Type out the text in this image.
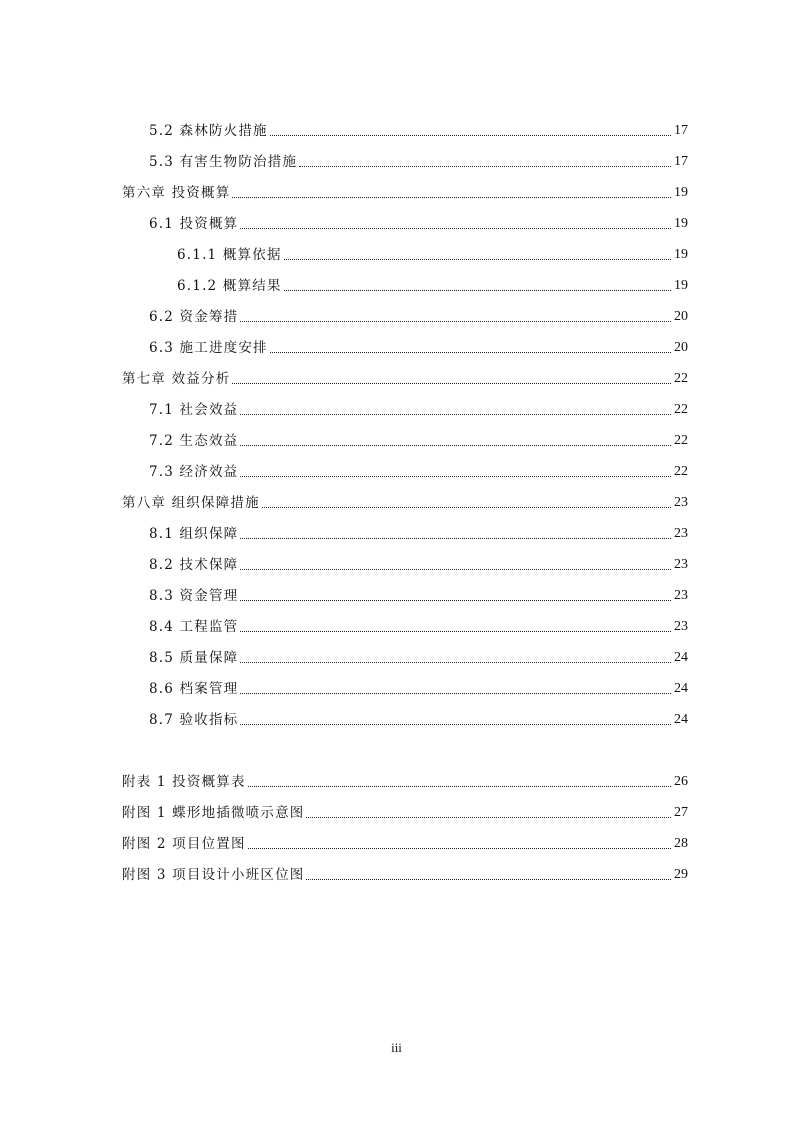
5.2 森林防火措施	17
5.3 有害生物防治措施	17
第六章 投资概算	19
6.1 投资概算	19
6.1.1 概算依据	19
6.1.2 概算结果	19
6.2 资金筹措	20
6.3 施工进度安排	20
第七章 效益分析	22
7.1 社会效益	22
7.2 生态效益	22
7.3 经济效益	22
第八章 组织保障措施	23
8.1 组织保障	23
8.2 技术保障	23
8.3 资金管理	23
8.4 工程监管	23
8.5 质量保障	24
8.6 档案管理	24
8.7 验收指标	24
附表 1 投资概算表	26
附图 1 蝶形地插微喷示意图	27
附图 2 项目位置图	28
附图 3 项目设计小班区位图	29
iii
